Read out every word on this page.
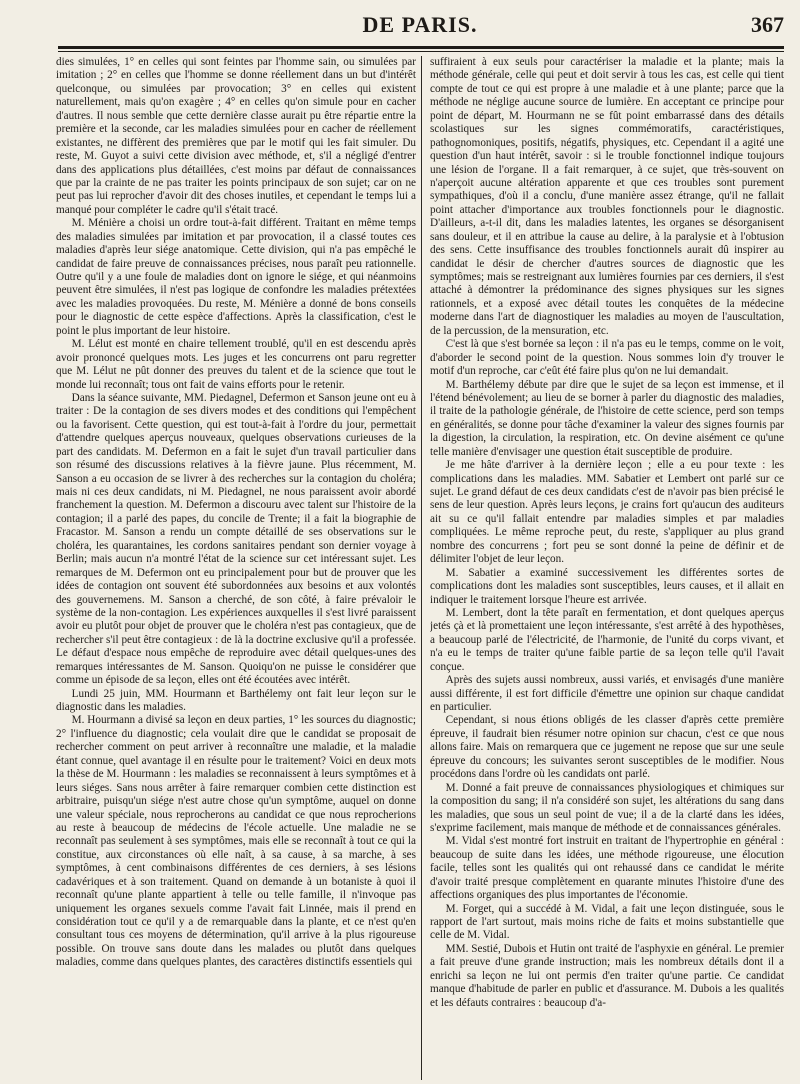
DE PARIS.	367

dies simulées, 1° en celles qui sont feintes par l'homme sain, ou simulées par imitation ; 2° en celles que l'homme se donne réellement dans un but d'intérêt quelconque, ou simulées par provocation; 3° en celles qui existent naturellement, mais qu'on exagère ; 4° en celles qu'on simule pour en cacher d'autres. Il nous semble que cette dernière classe aurait pu être répartie entre la première et la seconde, car les maladies simulées pour en cacher de réellement existantes, ne diffèrent des premières que par le motif qui les fait simuler. Du reste, M. Guyot a suivi cette division avec méthode, et, s'il a négligé d'entrer dans des applications plus détaillées, c'est moins par défaut de connaissances que par la crainte de ne pas traiter les points principaux de son sujet; car on ne peut pas lui reprocher d'avoir dit des choses inutiles, et cependant le temps lui a manqué pour compléter le cadre qu'il s'était tracé.

M. Ménière a choisi un ordre tout-à-fait différent. Traitant en même temps des maladies simulées par imitation et par provocation, il a classé toutes ces maladies d'après leur siége anatomique. Cette division, qui n'a pas empêché le candidat de faire preuve de connaissances précises, nous paraît peu rationnelle. Outre qu'il y a une foule de maladies dont on ignore le siége, et qui néanmoins peuvent être simulées, il n'est pas logique de confondre les maladies prétextées avec les maladies provoquées. Du reste, M. Ménière a donné de bons conseils pour le diagnostic de cette espèce d'affections. Après la classification, c'est le point le plus important de leur histoire.

M. Lélut est monté en chaire tellement troublé, qu'il en est descendu après avoir prononcé quelques mots. Les juges et les concurrens ont paru regretter que M. Lélut ne pût donner des preuves du talent et de la science que tout le monde lui reconnaît; tous ont fait de vains efforts pour le retenir.

Dans la séance suivante, MM. Piedagnel, Defermon et Sanson jeune ont eu à traiter : De la contagion de ses divers modes et des conditions qui l'empêchent ou la favorisent. Cette question, qui est tout-à-fait à l'ordre du jour, permettait d'attendre quelques aperçus nouveaux, quelques observations curieuses de la part des candidats. M. Defermon en a fait le sujet d'un travail particulier dans son résumé des discussions relatives à la fièvre jaune. Plus récemment, M. Sanson a eu occasion de se livrer à des recherches sur la contagion du choléra; mais ni ces deux candidats, ni M. Piedagnel, ne nous paraissent avoir abordé franchement la question. M. Defermon a discouru avec talent sur l'histoire de la contagion; il a parlé des papes, du concile de Trente; il a fait la biographie de Fracastor. M. Sanson a rendu un compte détaillé de ses observations sur le choléra, les quarantaines, les cordons sanitaires pendant son dernier voyage à Berlin; mais aucun n'a montré l'état de la science sur cet intéressant sujet. Les remarques de M. Defermon ont eu principalement pour but de prouver que les idées de contagion ont souvent été subordonnées aux besoins et aux volontés des gouvernemens. M. Sanson a cherché, de son côté, à faire prévaloir le système de la non-contagion. Les expériences auxquelles il s'est livré paraissent avoir eu plutôt pour objet de prouver que le choléra n'est pas contagieux, que de rechercher s'il peut être contagieux : de là la doctrine exclusive qu'il a professée. Le défaut d'espace nous empêche de reproduire avec détail quelques-unes des remarques intéressantes de M. Sanson. Quoiqu'on ne puisse le considérer que comme un épisode de sa leçon, elles ont été écoutées avec intérêt.

Lundi 25 juin, MM. Hourmann et Barthélemy ont fait leur leçon sur le diagnostic dans les maladies.

M. Hourmann a divisé sa leçon en deux parties, 1° les sources du diagnostic; 2° l'influence du diagnostic; cela voulait dire que le candidat se proposait de rechercher comment on peut arriver à reconnaître une maladie, et la maladie étant connue, quel avantage il en résulte pour le traitement? Voici en deux mots la thèse de M. Hourmann : les maladies se reconnaissent à leurs symptômes et à leurs siéges. Sans nous arrêter à faire remarquer combien cette distinction est arbitraire, puisqu'un siége n'est autre chose qu'un symptôme, auquel on donne une valeur spéciale, nous reprocherons au candidat ce que nous reprocherions au reste à beaucoup de médecins de l'école actuelle. Une maladie ne se reconnaît pas seulement à ses symptômes, mais elle se reconnaît à tout ce qui la constitue, aux circonstances où elle naît, à sa cause, à sa marche, à ses symptômes, à cent combinaisons différentes de ces derniers, à ses lésions cadavériques et à son traitement. Quand on demande à un botaniste à quoi il reconnaît qu'une plante appartient à telle ou telle famille, il n'invoque pas uniquement les organes sexuels comme l'avait fait Linnée, mais il prend en considération tout ce qu'il y a de remarquable dans la plante, et ce n'est qu'en consultant tous ces moyens de détermination, qu'il arrive à la plus rigoureuse possible. On trouve sans doute dans les malades ou plutôt dans quelques maladies, comme dans quelques plantes, des caractères distinctifs essentiels qui

suffiraient à eux seuls pour caractériser la maladie et la plante; mais la méthode générale, celle qui peut et doit servir à tous les cas, est celle qui tient compte de tout ce qui est propre à une maladie et à une plante; parce que la méthode ne néglige aucune source de lumière. En acceptant ce principe pour point de départ, M. Hourmann ne se fût point embarrassé dans des détails scolastiques sur les signes commémoratifs, caractéristiques, pathognomoniques, positifs, négatifs, physiques, etc. Cependant il a agité une question d'un haut intérêt, savoir : si le trouble fonctionnel indique toujours une lésion de l'organe. Il a fait remarquer, à ce sujet, que très-souvent on n'aperçoit aucune altération apparente et que ces troubles sont purement sympathiques, d'où il a conclu, d'une manière assez étrange, qu'il ne fallait point attacher d'importance aux troubles fonctionnels pour le diagnostic. D'ailleurs, a-t-il dit, dans les maladies latentes, les organes se désorganisent sans douleur, et il en attribue la cause au delire, à la paralysie et à l'obtusion des sens. Cette insuffisance des troubles fonctionnels aurait dû inspirer au candidat le désir de chercher d'autres sources de diagnostic que les symptômes; mais se restreignant aux lumières fournies par ces derniers, il s'est attaché à démontrer la prédominance des signes physiques sur les signes rationnels, et a exposé avec détail toutes les conquêtes de la médecine moderne dans l'art de diagnostiquer les maladies au moyen de l'auscultation, de la percussion, de la mensuration, etc.

C'est là que s'est bornée sa leçon : il n'a pas eu le temps, comme on le voit, d'aborder le second point de la question. Nous sommes loin d'y trouver le motif d'un reproche, car c'eût été faire plus qu'on ne lui demandait.

M. Barthélemy débute par dire que le sujet de sa leçon est immense, et il l'étend bénévolement; au lieu de se borner à parler du diagnostic des maladies, il traite de la pathologie générale, de l'histoire de cette science, perd son temps en généralités, se donne pour tâche d'examiner la valeur des signes fournis par la digestion, la circulation, la respiration, etc. On devine aisément ce qu'une telle manière d'envisager une question était susceptible de produire.

Je me hâte d'arriver à la dernière leçon ; elle a eu pour texte : les complications dans les maladies. MM. Sabatier et Lembert ont parlé sur ce sujet. Le grand défaut de ces deux candidats c'est de n'avoir pas bien précisé le sens de leur question. Après leurs leçons, je crains fort qu'aucun des auditeurs ait su ce qu'il fallait entendre par maladies simples et par maladies compliquées. Le même reproche peut, du reste, s'appliquer au plus grand nombre des concurrens ; fort peu se sont donné la peine de définir et de délimiter l'objet de leur leçon.

M. Sabatier a examiné successivement les différentes sortes de complications dont les maladies sont susceptibles, leurs causes, et il allait en indiquer le traitement lorsque l'heure est arrivée.

M. Lembert, dont la tête paraît en fermentation, et dont quelques aperçus jetés çà et là promettaient une leçon intéressante, s'est arrêté à des hypothèses, a beaucoup parlé de l'électricité, de l'harmonie, de l'unité du corps vivant, et n'a eu le temps de traiter qu'une faible partie de sa leçon telle qu'il l'avait conçue.

Après des sujets aussi nombreux, aussi variés, et envisagés d'une manière aussi différente, il est fort difficile d'émettre une opinion sur chaque candidat en particulier.

Cependant, si nous étions obligés de les classer d'après cette première épreuve, il faudrait bien résumer notre opinion sur chacun, c'est ce que nous allons faire. Mais on remarquera que ce jugement ne repose que sur une seule épreuve du concours; les suivantes seront susceptibles de le modifier. Nous procédons dans l'ordre où les candidats ont parlé.

M. Donné a fait preuve de connaissances physiologiques et chimiques sur la composition du sang; il n'a considéré son sujet, les altérations du sang dans les maladies, que sous un seul point de vue; il a de la clarté dans les idées, s'exprime facilement, mais manque de méthode et de connaissances générales.

M. Vidal s'est montré fort instruit en traitant de l'hypertrophie en général : beaucoup de suite dans les idées, une méthode rigoureuse, une élocution facile, telles sont les qualités qui ont rehaussé dans ce candidat le mérite d'avoir traité presque complètement en quarante minutes l'histoire d'une des affections organiques des plus importantes de l'économie.

M. Forget, qui a succédé à M. Vidal, a fait une leçon distinguée, sous le rapport de l'art surtout, mais moins riche de faits et moins substantielle que celle de M. Vidal.

MM. Sestié, Dubois et Hutin ont traité de l'asphyxie en général. Le premier a fait preuve d'une grande instruction; mais les nombreux détails dont il a enrichi sa leçon ne lui ont permis d'en traiter qu'une partie. Ce candidat manque d'habitude de parler en public et d'assurance. M. Dubois a les qualités et les défauts contraires : beaucoup d'a-
